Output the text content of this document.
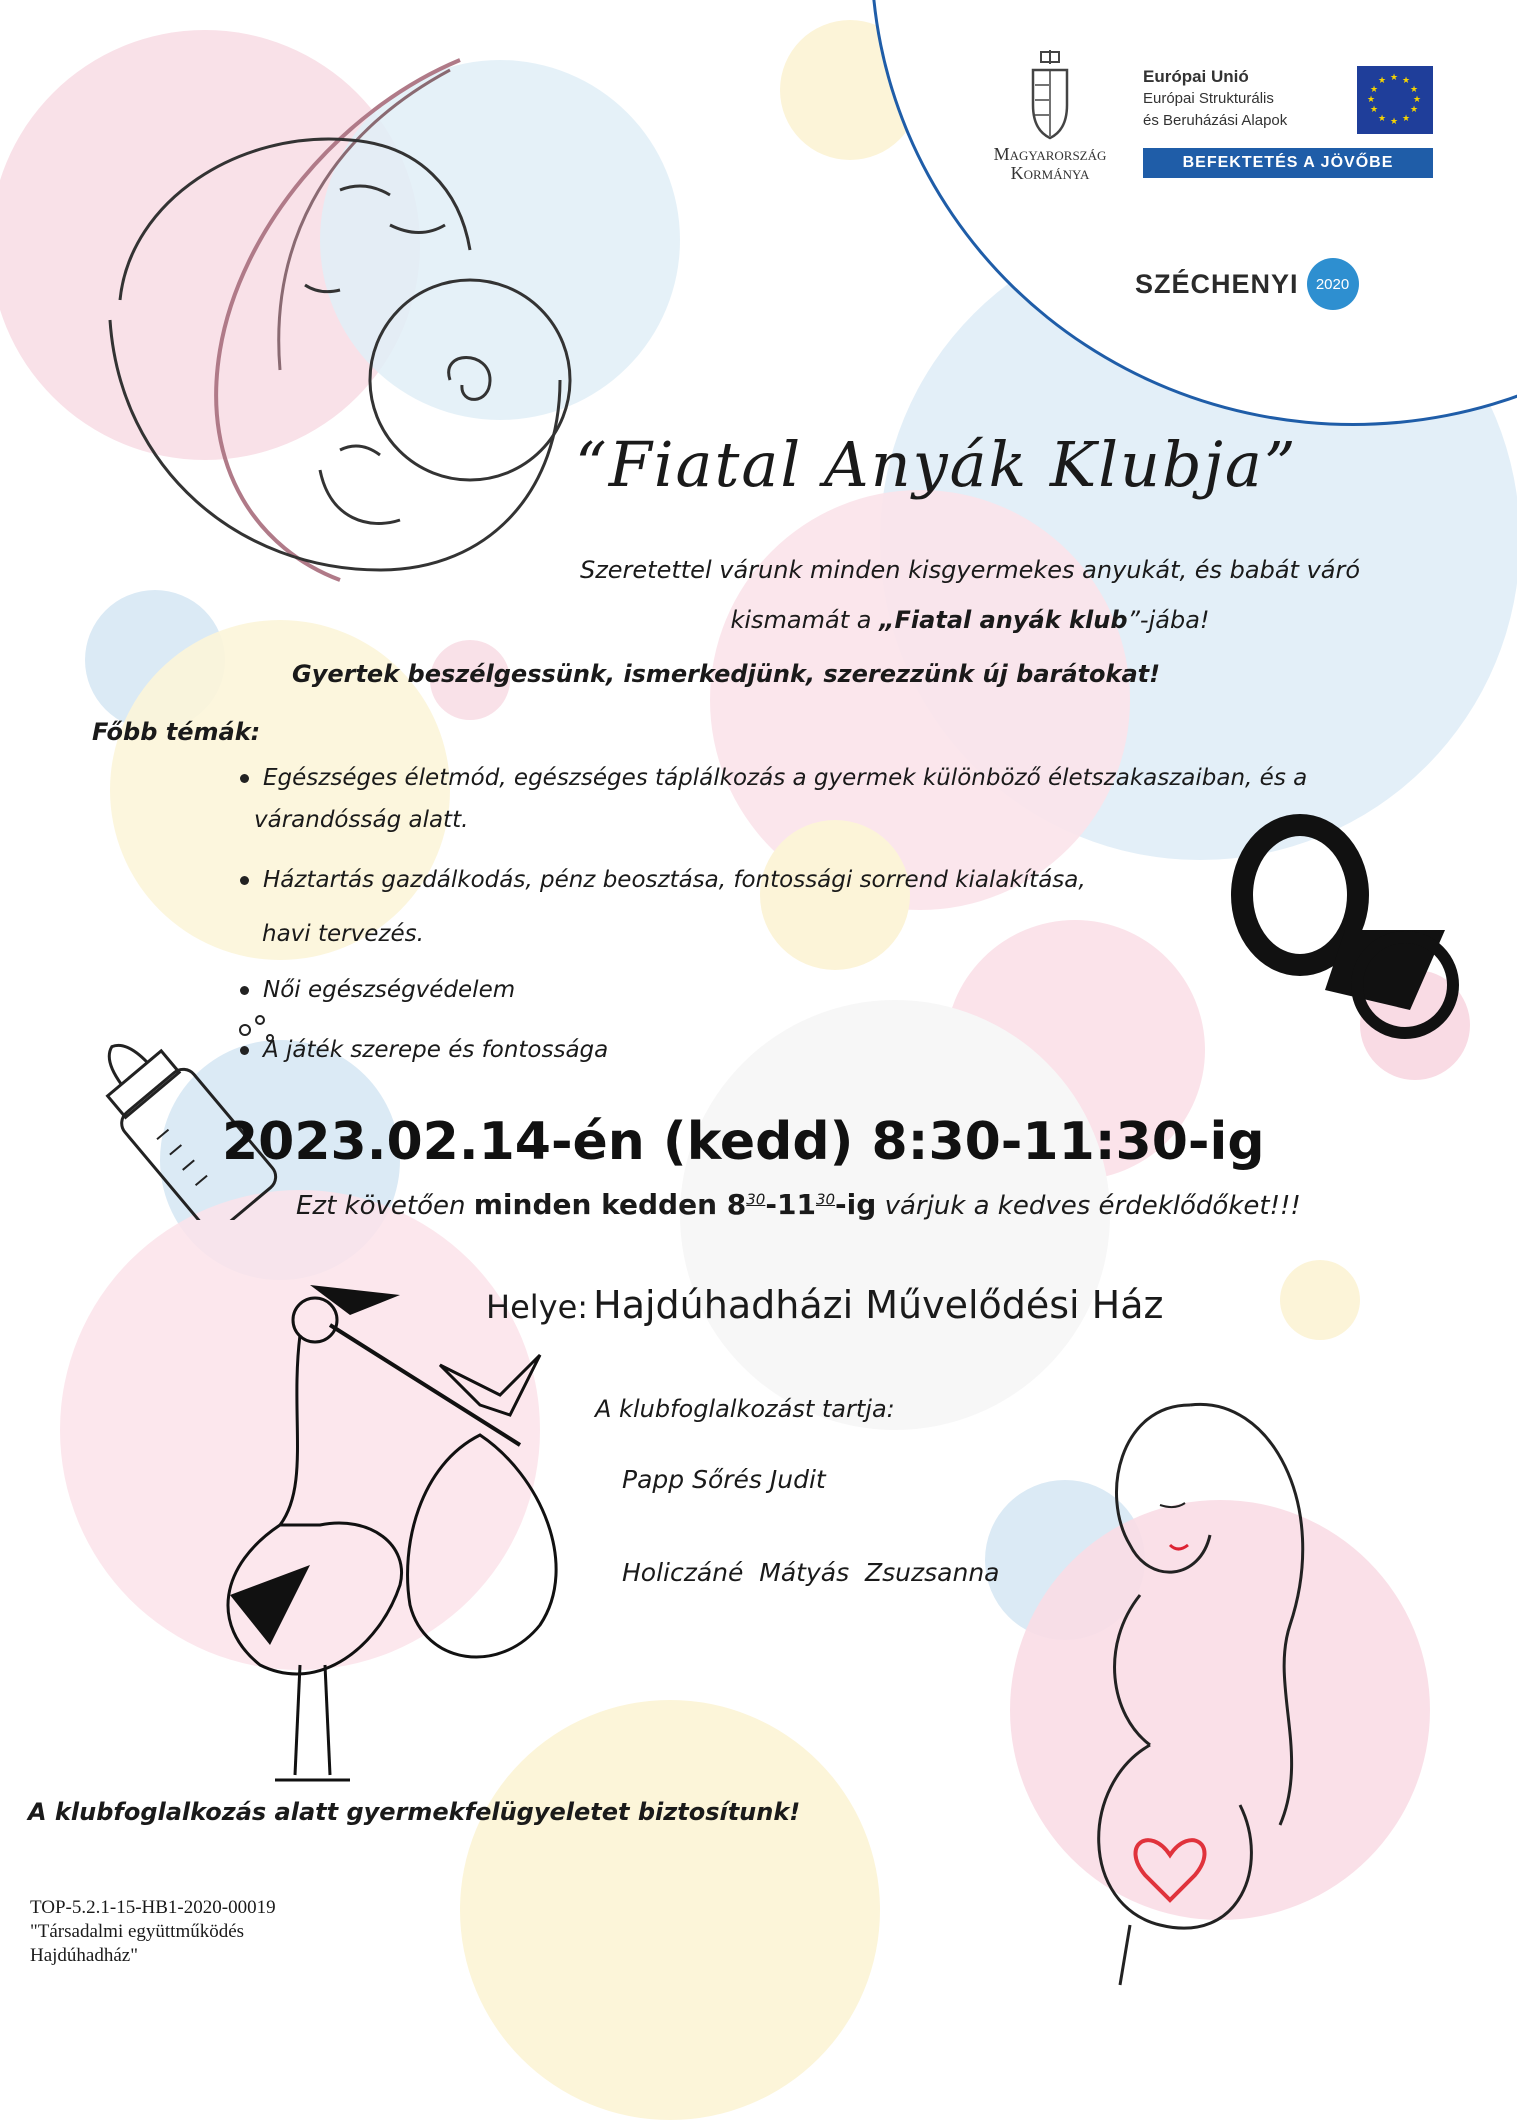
Magyarország
Kormánya
Európai Unió
Európai Strukturális
és Beruházási Alapok
★ ★
★
★
★
★
★
★
★
★
★
★
BEFEKTETÉS A JÖVŐBE
SZÉCHENYI 2020
“Fiatal Anyák Klubja”
Szeretettel várunk minden kisgyermekes anyukát, és babát váró
kismamát a „Fiatal anyák klub”-jába!
Gyertek beszélgessünk, ismerkedjünk, szerezzünk új barátokat!
Főbb témák:
Egészséges életmód, egészséges táplálkozás a gyermek különböző életszakaszaiban, és a
várandósság alatt.
Háztartás gazdálkodás, pénz beosztása, fontossági sorrend kialakítása,
havi tervezés.
Női egészségvédelem
A játék szerepe és fontossága
2023.02.14-én (kedd) 8:30-11:30-ig
Ezt követően minden kedden $8^{30}-11^{30}-ig$ várjuk a kedves érdeklődőket!!!
Helye: Hajdúhadházi Művelődési Ház
A klubfoglalkozást tartja:
Papp Sőrés Judit
Holiczáné  Mátyás  Zsuzsanna
A klubfoglalkozás alatt gyermekfelügyeletet biztosítunk!
TOP-5.2.1-15-HB1-2020-00019
"Társadalmi együttműködés
Hajdúhadház"
